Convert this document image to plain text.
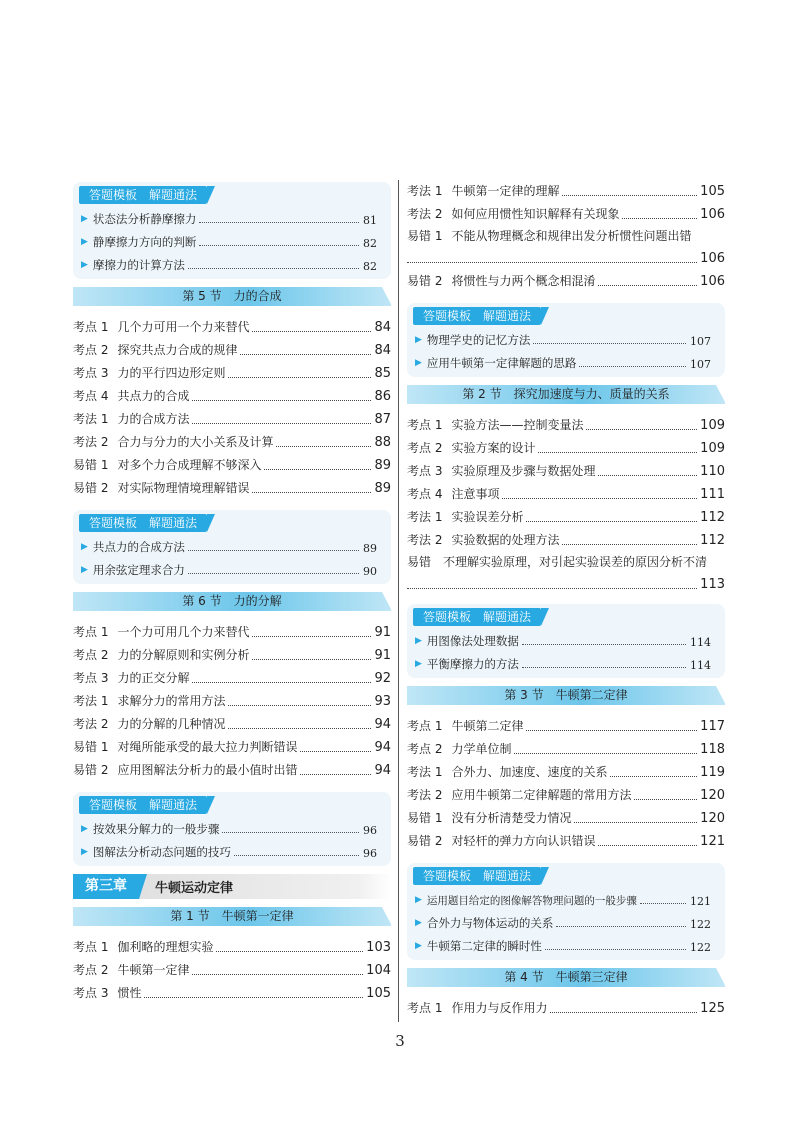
答题模板　解题通法
▶ 状态法分析静摩擦力	81
▶ 静摩擦力方向的判断	82
▶ 摩擦力的计算方法	82
第 5 节　力的合成
考点 1 几个力可用一个力来替代	84
考点 2 探究共点力合成的规律	84
考点 3 力的平行四边形定则	85
考点 4 共点力的合成	86
考法 1 力的合成方法	87
考法 2 合力与分力的大小关系及计算	88
易错 1 对多个力合成理解不够深入	89
易错 2 对实际物理情境理解错误	89
答题模板　解题通法
▶ 共点力的合成方法	89
▶ 用余弦定理求合力	90
第 6 节　力的分解
考点 1 一个力可用几个力来替代	91
考点 2 力的分解原则和实例分析	91
考点 3 力的正交分解	92
考法 1 求解分力的常用方法	93
考法 2 力的分解的几种情况	94
易错 1 对绳所能承受的最大拉力判断错误	94
易错 2 应用图解法分析力的最小值时出错	94
答题模板　解题通法
▶ 按效果分解力的一般步骤	96
▶ 图解法分析动态问题的技巧	96
第三章	牛顿运动定律
第 1 节　牛顿第一定律
考点 1 伽利略的理想实验	103
考点 2 牛顿第一定律	104
考点 3 惯性	105
考法 1 牛顿第一定律的理解	105
考法 2 如何应用惯性知识解释有关现象	106
易错 1 不能从物理概念和规律出发分析惯性问题出错
106
易错 2 将惯性与力两个概念相混淆	106
答题模板　解题通法
▶ 物理学史的记忆方法	107
▶ 应用牛顿第一定律解题的思路	107
第 2 节　探究加速度与力、质量的关系
考点 1 实验方法——控制变量法	109
考点 2 实验方案的设计	109
考点 3 实验原理及步骤与数据处理	110
考点 4 注意事项	111
考法 1 实验误差分析	112
考法 2 实验数据的处理方法	112
易错 不理解实验原理，对引起实验误差的原因分析不清
113
答题模板　解题通法
▶ 用图像法处理数据	114
▶ 平衡摩擦力的方法	114
第 3 节　牛顿第二定律
考点 1 牛顿第二定律	117
考点 2 力学单位制	118
考法 1 合外力、加速度、速度的关系	119
考法 2 应用牛顿第二定律解题的常用方法	120
易错 1 没有分析清楚受力情况	120
易错 2 对轻杆的弹力方向认识错误	121
答题模板　解题通法
▶ 运用题目给定的图像解答物理问题的一般步骤	121
▶ 合外力与物体运动的关系	122
▶ 牛顿第二定律的瞬时性	122
第 4 节　牛顿第三定律
考点 1 作用力与反作用力	125
3
